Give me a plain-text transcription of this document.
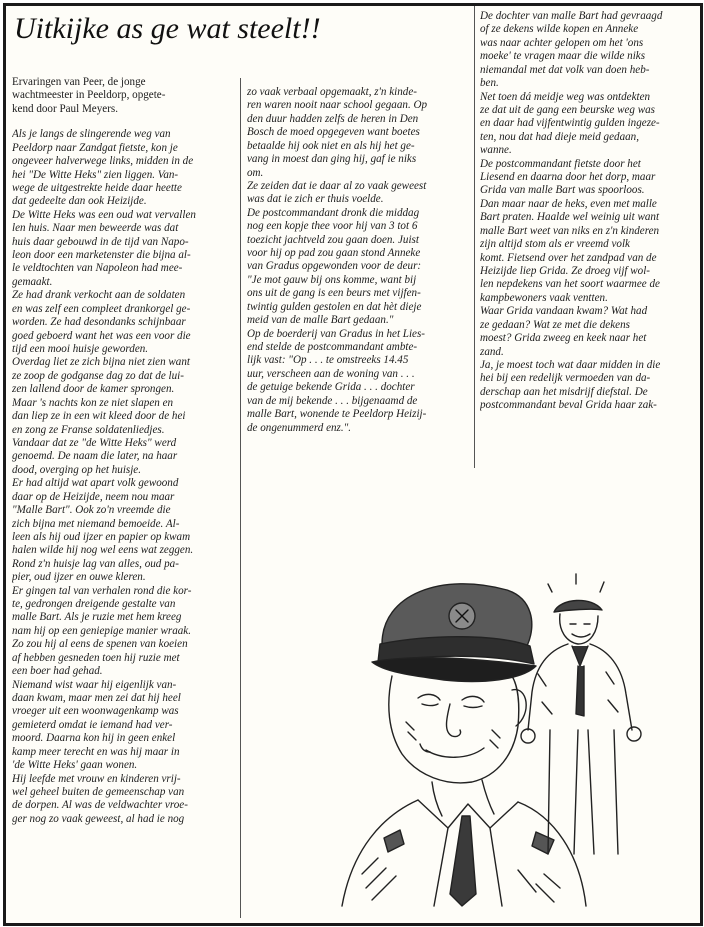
Uitkijke as ge wat steelt!!
Ervaringen van Peer, de jonge
wachtmeester in Peeldorp, opgete-
kend door Paul Meyers.
Als je langs de slingerende weg van
Peeldorp naar Zandgat fietste, kon je
ongeveer halverwege links, midden in de
hei "De Witte Heks" zien liggen. Van-
wege de uitgestrekte heide daar heette
dat gedeelte dan ook Heizijde.
De Witte Heks was een oud wat vervallen
len huis. Naar men beweerde was dat
huis daar gebouwd in de tijd van Napo-
leon door een marketenster die bijna al-
le veldtochten van Napoleon had mee-
gemaakt.
Ze had drank verkocht aan de soldaten
en was zelf een compleet drankorgel ge-
worden. Ze had desondanks schijnbaar
goed geboerd want het was een voor die
tijd een mooi huisje geworden.
Overdag liet ze zich bijna niet zien want
ze zoop de godganse dag zo dat de lui-
zen lallend door de kamer sprongen.
Maar 's nachts kon ze niet slapen en
dan liep ze in een wit kleed door de hei
en zong ze Franse soldatenliedjes.
Vandaar dat ze "de Witte Heks" werd
genoemd. De naam die later, na haar
dood, overging op het huisje.
Er had altijd wat apart volk gewoond
daar op de Heizijde, neem nou maar
"Malle Bart". Ook zo'n vreemde die
zich bijna met niemand bemoeide. Al-
leen als hij oud ijzer en papier op kwam
halen wilde hij nog wel eens wat zeggen.
Rond z'n huisje lag van alles, oud pa-
pier, oud ijzer en ouwe kleren.
Er gingen tal van verhalen rond die kor-
te, gedrongen dreigende gestalte van
malle Bart. Als je ruzie met hem kreeg
nam hij op een geniepige manier wraak.
Zo zou hij al eens de spenen van koeien
af hebben gesneden toen hij ruzie met
een boer had gehad.
Niemand wist waar hij eigenlijk van-
daan kwam, maar men zei dat hij heel
vroeger uit een woonwagenkamp was
gemieterd omdat ie iemand had ver-
moord. Daarna kon hij in geen enkel
kamp meer terecht en was hij maar in
'de Witte Heks' gaan wonen.
Hij leefde met vrouw en kinderen vrij-
wel geheel buiten de gemeenschap van
de dorpen. Al was de veldwachter vroe-
ger nog zo vaak geweest, al had ie nog
zo vaak verbaal opgemaakt, z'n kinde-
ren waren nooit naar school gegaan. Op
den duur hadden zelfs de heren in Den
Bosch de moed opgegeven want boetes
betaalde hij ook niet en als hij het ge-
vang in moest dan ging hij, gaf ie niks
om.
Ze zeiden dat ie daar al zo vaak geweest
was dat ie zich er thuis voelde.
De postcommandant dronk die middag
nog een kopje thee voor hij van 3 tot 6
toezicht jachtveld zou gaan doen. Juist
voor hij op pad zou gaan stond Anneke
van Gradus opgewonden voor de deur:
"Je mot gauw bij ons komme, want bij
ons uit de gang is een beurs met vijfen-
twintig gulden gestolen en dat hèt dieje
meid van de malle Bart gedaan."
Op de boerderij van Gradus in het Lies-
end stelde de postcommandant ambte-
lijk vast: "Op . . . te omstreeks 14.45
uur, verscheen aan de woning van . . .
de getuige bekende Grida . . . dochter
van de mij bekende . . . bijgenaamd de
malle Bart, wonende te Peeldorp Heizij-
de ongenummerd enz.".
De dochter van malle Bart had gevraagd
of ze dekens wilde kopen en Anneke
was naar achter gelopen om het 'ons
moeke' te vragen maar die wilde niks
niemandal met dat volk van doen heb-
ben.
Net toen dá meidje weg was ontdekten
ze dat uit de gang een beurske weg was
en daar had vijfentwintig gulden ingeze-
ten, nou dat had dieje meid gedaan,
wanne.
De postcommandant fietste door het
Liesend en daarna door het dorp, maar
Grida van malle Bart was spoorloos.
Dan maar naar de heks, even met malle
Bart praten. Haalde wel weinig uit want
malle Bart weet van niks en z'n kinderen
zijn altijd stom als er vreemd volk
komt. Fietsend over het zandpad van de
Heizijde liep Grida. Ze droeg vijf wol-
len nepdekens van het soort waarmee de
kampbewoners vaak ventten.
Waar Grida vandaan kwam? Wat had
ze gedaan? Wat ze met die dekens
moest? Grida zweeg en keek naar het
zand.
Ja, je moest toch wat daar midden in die
hei bij een redelijk vermoeden van da-
derschap aan het misdrijf diefstal. De
postcommandant beval Grida haar zak-
